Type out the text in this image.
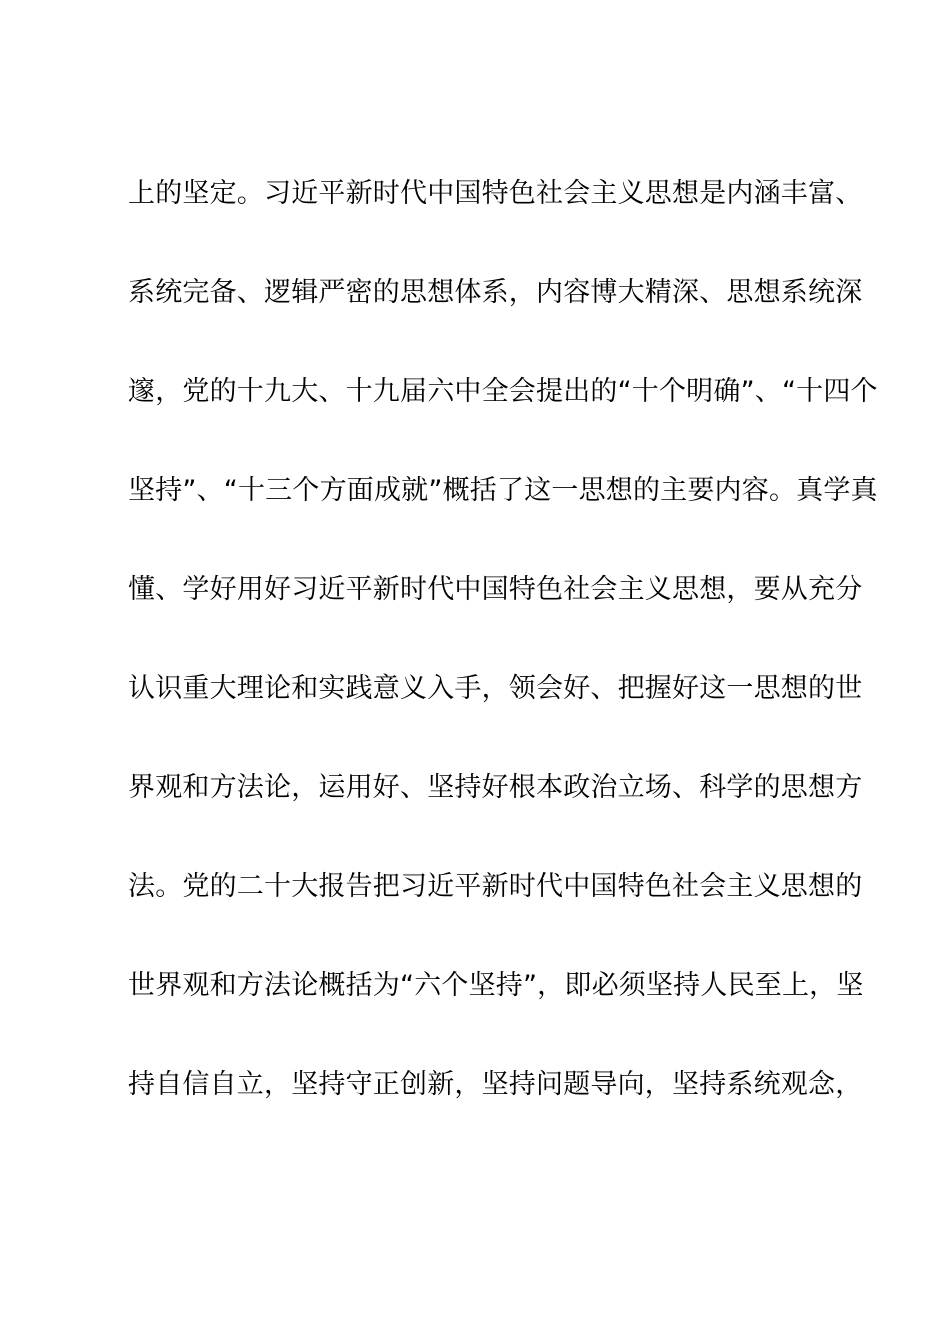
上的坚定。习近平新时代中国特色社会主义思想是内涵丰富、
系统完备、逻辑严密的思想体系，内容博大精深、思想系统深
邃，党的十九大、十九届六中全会提出的“十个明确”、“十四个
坚持”、“十三个方面成就”概括了这一思想的主要内容。真学真
懂、学好用好习近平新时代中国特色社会主义思想，要从充分
认识重大理论和实践意义入手，领会好、把握好这一思想的世
界观和方法论，运用好、坚持好根本政治立场、科学的思想方
法。党的二十大报告把习近平新时代中国特色社会主义思想的
世界观和方法论概括为“六个坚持”，即必须坚持人民至上，坚
持自信自立，坚持守正创新，坚持问题导向，坚持系统观念，
